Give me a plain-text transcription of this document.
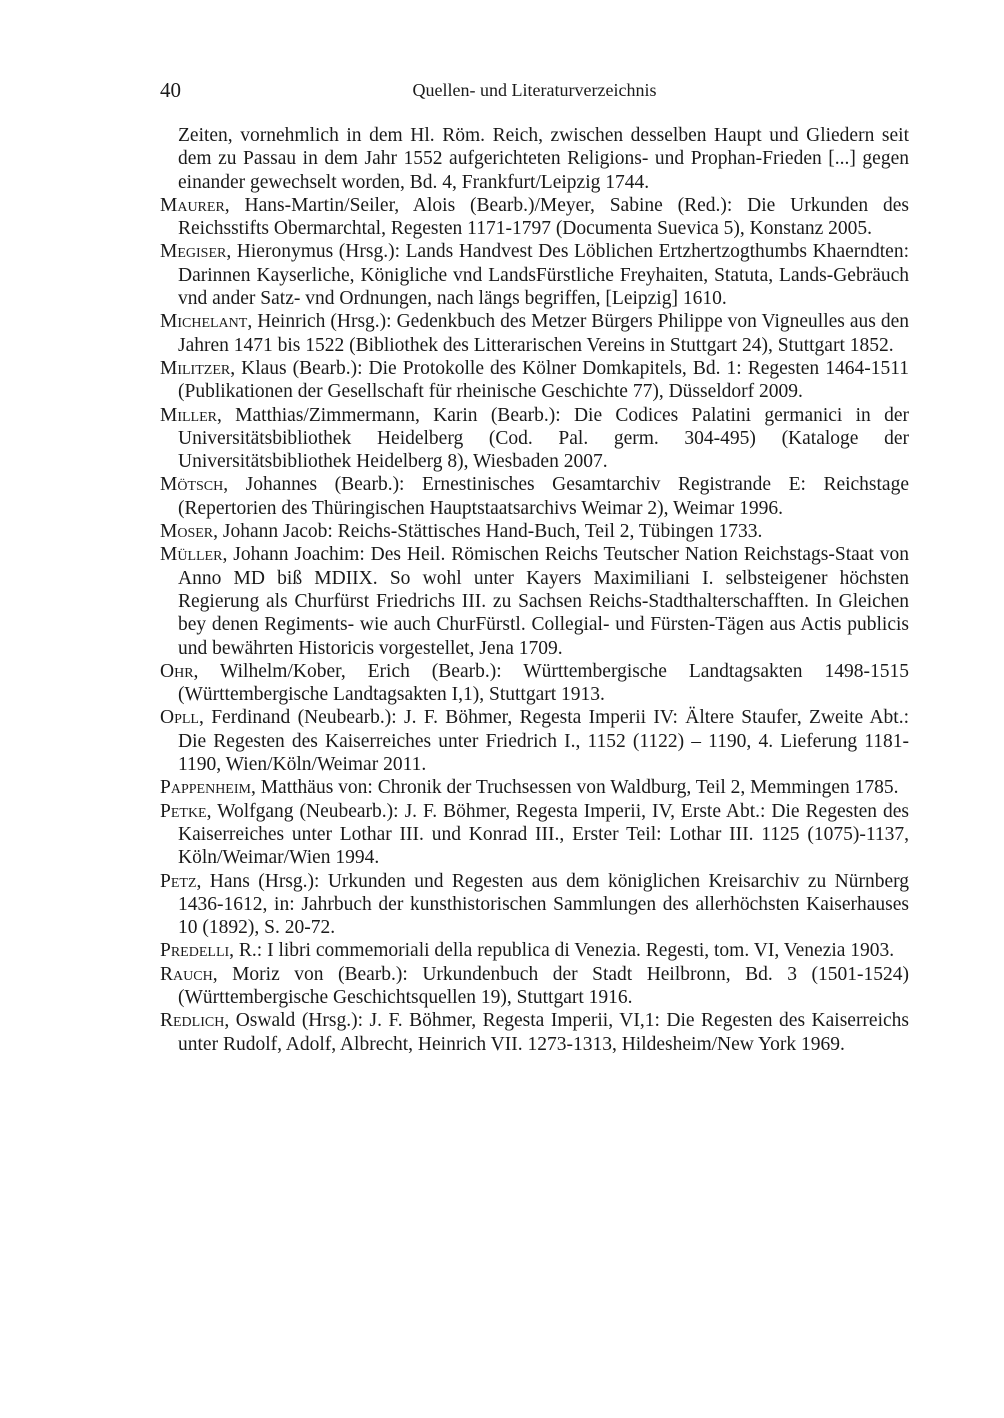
40	Quellen- und Literaturverzeichnis

Zeiten, vornehmlich in dem Hl. Röm. Reich, zwischen desselben Haupt und Gliedern seit dem zu Passau in dem Jahr 1552 aufgerichteten Religions- und Prophan-Frieden [...] gegen einander gewechselt worden, Bd. 4, Frankfurt/Leipzig 1744.

Maurer, Hans-Martin/Seiler, Alois (Bearb.)/Meyer, Sabine (Red.): Die Urkunden des Reichsstifts Obermarchtal, Regesten 1171-1797 (Documenta Suevica 5), Konstanz 2005.

Megiser, Hieronymus (Hrsg.): Lands Handvest Des Löblichen Ertzhertzogthumbs Khaerndten: Darinnen Kayserliche, Königliche vnd LandsFürstliche Freyhaiten, Statuta, Lands-Gebräuch vnd ander Satz- vnd Ordnungen, nach längs begriffen, [Leipzig] 1610.

Michelant, Heinrich (Hrsg.): Gedenkbuch des Metzer Bürgers Philippe von Vigneulles aus den Jahren 1471 bis 1522 (Bibliothek des Litterarischen Vereins in Stuttgart 24), Stuttgart 1852.

Militzer, Klaus (Bearb.): Die Protokolle des Kölner Domkapitels, Bd. 1: Regesten 1464-1511 (Publikationen der Gesellschaft für rheinische Geschichte 77), Düsseldorf 2009.

Miller, Matthias/Zimmermann, Karin (Bearb.): Die Codices Palatini germanici in der Universitätsbibliothek Heidelberg (Cod. Pal. germ. 304-495) (Kataloge der Universitätsbibliothek Heidelberg 8), Wiesbaden 2007.

Mötsch, Johannes (Bearb.): Ernestinisches Gesamtarchiv Registrande E: Reichstage (Repertorien des Thüringischen Hauptstaatsarchivs Weimar 2), Weimar 1996.

Moser, Johann Jacob: Reichs-Stättisches Hand-Buch, Teil 2, Tübingen 1733.

Müller, Johann Joachim: Des Heil. Römischen Reichs Teutscher Nation Reichstags-Staat von Anno MD biß MDIIX. So wohl unter Kayers Maximiliani I. selbsteigener höchsten Regierung als Churfürst Friedrichs III. zu Sachsen Reichs-Stadthalterschafften. In Gleichen bey denen Regiments- wie auch ChurFürstl. Collegial- und Fürsten-Tägen aus Actis publicis und bewährten Historicis vorgestellet, Jena 1709.

Ohr, Wilhelm/Kober, Erich (Bearb.): Württembergische Landtagsakten 1498-1515 (Württembergische Landtagsakten I,1), Stuttgart 1913.

Opll, Ferdinand (Neubearb.): J. F. Böhmer, Regesta Imperii IV: Ältere Staufer, Zweite Abt.: Die Regesten des Kaiserreiches unter Friedrich I., 1152 (1122) – 1190, 4. Lieferung 1181-1190, Wien/Köln/Weimar 2011.

Pappenheim, Matthäus von: Chronik der Truchsessen von Waldburg, Teil 2, Memmingen 1785.

Petke, Wolfgang (Neubearb.): J. F. Böhmer, Regesta Imperii, IV, Erste Abt.: Die Regesten des Kaiserreiches unter Lothar III. und Konrad III., Erster Teil: Lothar III. 1125 (1075)-1137, Köln/Weimar/Wien 1994.

Petz, Hans (Hrsg.): Urkunden und Regesten aus dem königlichen Kreisarchiv zu Nürnberg 1436-1612, in: Jahrbuch der kunsthistorischen Sammlungen des allerhöchsten Kaiserhauses 10 (1892), S. 20-72.

Predelli, R.: I libri commemoriali della republica di Venezia. Regesti, tom. VI, Venezia 1903.

Rauch, Moriz von (Bearb.): Urkundenbuch der Stadt Heilbronn, Bd. 3 (1501-1524) (Württembergische Geschichtsquellen 19), Stuttgart 1916.

Redlich, Oswald (Hrsg.): J. F. Böhmer, Regesta Imperii, VI,1: Die Regesten des Kaiserreichs unter Rudolf, Adolf, Albrecht, Heinrich VII. 1273-1313, Hildesheim/New York 1969.
